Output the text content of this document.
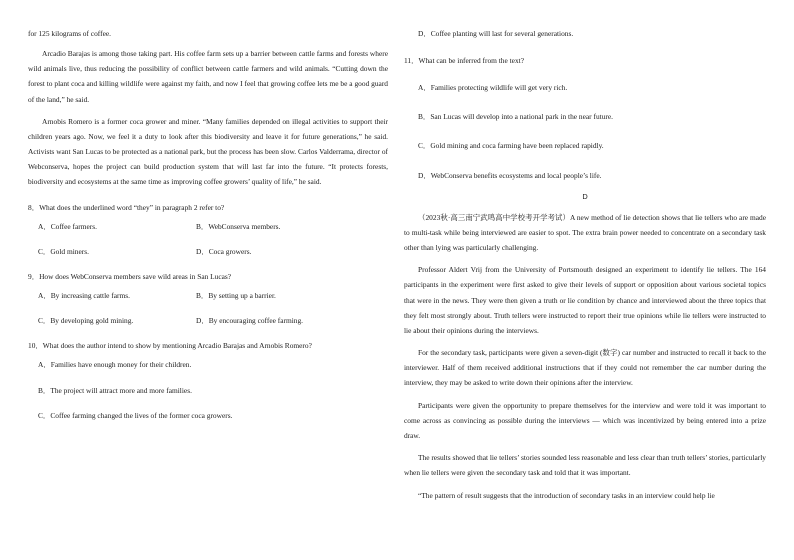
for 125 kilograms of coffee.

Arcadio Barajas is among those taking part. His coffee farm sets up a barrier between cattle farms and forests where wild animals live, thus reducing the possibility of conflict between cattle farmers and wild animals. “Cutting down the forest to plant coca and killing wildlife were against my faith, and now I feel that growing coffee lets me be a good guard of the land,” he said.

Arnobis Romero is a former coca grower and miner. “Many families depended on illegal activities to support their children years ago. Now, we feel it a duty to look after this biodiversity and leave it for future generations,” he said. Activists want San Lucas to be protected as a national park, but the process has been slow. Carlos Valderrama, director of Webconserva, hopes the project can build production system that will last far into the future. “It protects forests, biodiversity and ecosystems at the same time as improving coffee growers’ quality of life,” he said.

8．What does the underlined word “they” in paragraph 2 refer to?

A．Coffee farmers.	B．WebConserva members.
C．Gold miners.	D．Coca growers.

9．How does WebConserva members save wild areas in San Lucas?

A．By increasing cattle farms.	B．By setting up a barrier.
C．By developing gold mining.	D．By encouraging coffee farming.

10．What does the author intend to show by mentioning Arcadio Barajas and Arnobis Romero?

A．Families have enough money for their children.

B．The project will attract more and more families.

C．Coffee farming changed the lives of the former coca growers.

D．Coffee planting will last for several generations.

11．What can be inferred from the text?

A．Families protecting wildlife will get very rich.

B．San Lucas will develop into a national park in the near future.

C．Gold mining and coca farming have been replaced rapidly.

D．WebConserva benefits ecosystems and local people’s life.

D

（2023秋·高三南宁武鸣高中学校考开学考试）A new method of lie detection shows that lie tellers who are made to multi-task while being interviewed are easier to spot. The extra brain power needed to concentrate on a secondary task other than lying was particularly challenging.

Professor Aldert Vrij from the University of Portsmouth designed an experiment to identify lie tellers. The 164 participants in the experiment were first asked to give their levels of support or opposition about various societal topics that were in the news. They were then given a truth or lie condition by chance and interviewed about the three topics that they felt most strongly about. Truth tellers were instructed to report their true opinions while lie tellers were instructed to lie about their opinions during the interviews.

For the secondary task, participants were given a seven-digit (数字) car number and instructed to recall it back to the interviewer. Half of them received additional instructions that if they could not remember the car number during the interview, they may be asked to write down their opinions after the interview.

Participants were given the opportunity to prepare themselves for the interview and were told it was important to come across as convincing as possible during the interviews — which was incentivized by being entered into a prize draw.

The results showed that lie tellers’ stories sounded less reasonable and less clear than truth tellers’ stories, particularly when lie tellers were given the secondary task and told that it was important.

“The pattern of result suggests that the introduction of secondary tasks in an interview could help lie
